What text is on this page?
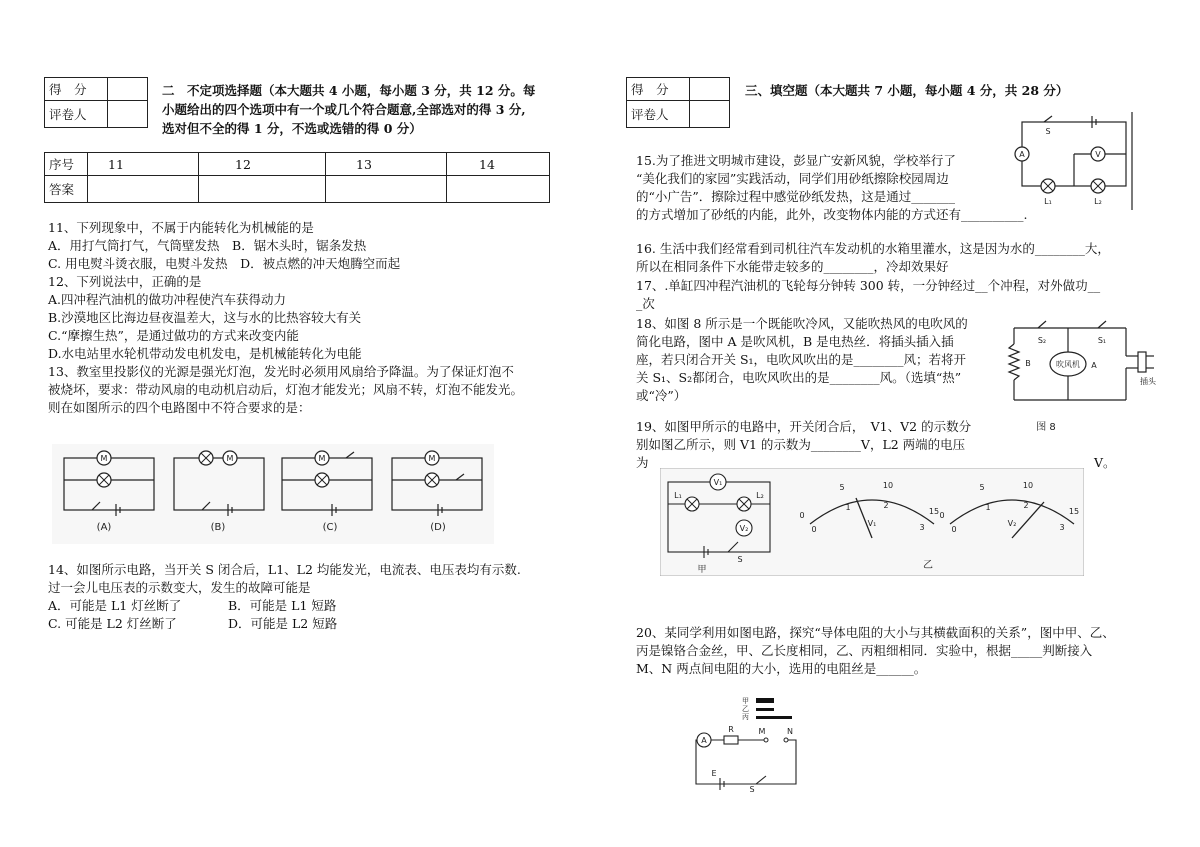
得　分	
评卷人	
二　不定项选择题（本大题共 4 小题，每小题 3 分，共 12 分。每
小题给出的四个选项中有一个或几个符合题意,全部选对的得 3 分,
选对但不全的得 1 分，不选或选错的得 0 分）
序号	11	12	13	14
答案				
11、下列现象中，不属于内能转化为机械能的是
A．用打气筒打气，气筒壁发热　B．锯木头时，锯条发热
C. 用电熨斗烫衣服，电熨斗发热　D．被点燃的冲天炮腾空而起
12、下列说法中，正确的是
A.四冲程汽油机的做功冲程使汽车获得动力
B.沙漠地区比海边昼夜温差大，这与水的比热容较大有关
C.“摩擦生热”，是通过做功的方式来改变内能
D.水电站里水轮机带动发电机发电，是机械能转化为电能
13、教室里投影仪的光源是强光灯泡，发光时必须用风扇给予降温。为了保证灯泡不
被烧坏，要求：带动风扇的电动机启动后，灯泡才能发光；风扇不转，灯泡不能发光。
则在如图所示的四个电路图中不符合要求的是：
M	M	M	M
(A)	(B)	(C)	(D)
14、如图所示电路，当开关 S 闭合后，L1、L2 均能发光，电流表、电压表均有示数.
过一会儿电压表的示数变大，发生的故障可能是
A．可能是 L1 灯丝断了	B．可能是 L1 短路
C. 可能是 L2 灯丝断了	D．可能是 L2 短路
得　分	
评卷人	
三、填空题（本大题共 7 小题，每小题 4 分，共 28 分）
S
A	V
L₁	L₂
15.为了推进文明城市建设，彭显广安新风貌，学校举行了
“美化我们的家园”实践活动，同学们用砂纸擦除校园周边
的“小广告”．擦除过程中感觉砂纸发热，这是通过_______
的方式增加了砂纸的内能，此外，改变物体内能的方式还有__________.
16. 生活中我们经常看到司机往汽车发动机的水箱里灌水，这是因为水的________大，
所以在相同条件下水能带走较多的________，冷却效果好
17、.单缸四冲程汽油机的飞轮每分钟转 300 转，一分钟经过__个冲程，对外做功__
_次
18、如图 8 所示是一个既能吹冷风，又能吹热风的电吹风的
简化电路，图中 A 是吹风机，B 是电热丝．将插头插入插
座，若只闭合开关 S₁，电吹风吹出的是________风；若将开
关 S₁、S₂都闭合，电吹风吹出的是________风。（选填“热”
或“冷”）
S₂	S₁
B	吹风机 A
插头
图 8
19、如图甲所示的电路中，开关闭合后，　V1、V2 的示数分
别如图乙所示，则 V1 的示数为________V，L2 两端的电压
为	V。
V₁
L₁	L₂
V₂
S
甲
0
5	10
15
0
1	2
3
V₁
0
5	10
15
0
1	2
3
V₂
乙
20、某同学利用如图电路，探究“导体电阻的大小与其横截面积的关系”，图中甲、乙、
丙是镍铬合金丝，甲、乙长度相同，乙、丙粗细相同．实验中，根据_____判断接入
M、N 两点间电阻的大小，选用的电阻丝是______。
甲
乙
丙
A
R	M	N
E
S
